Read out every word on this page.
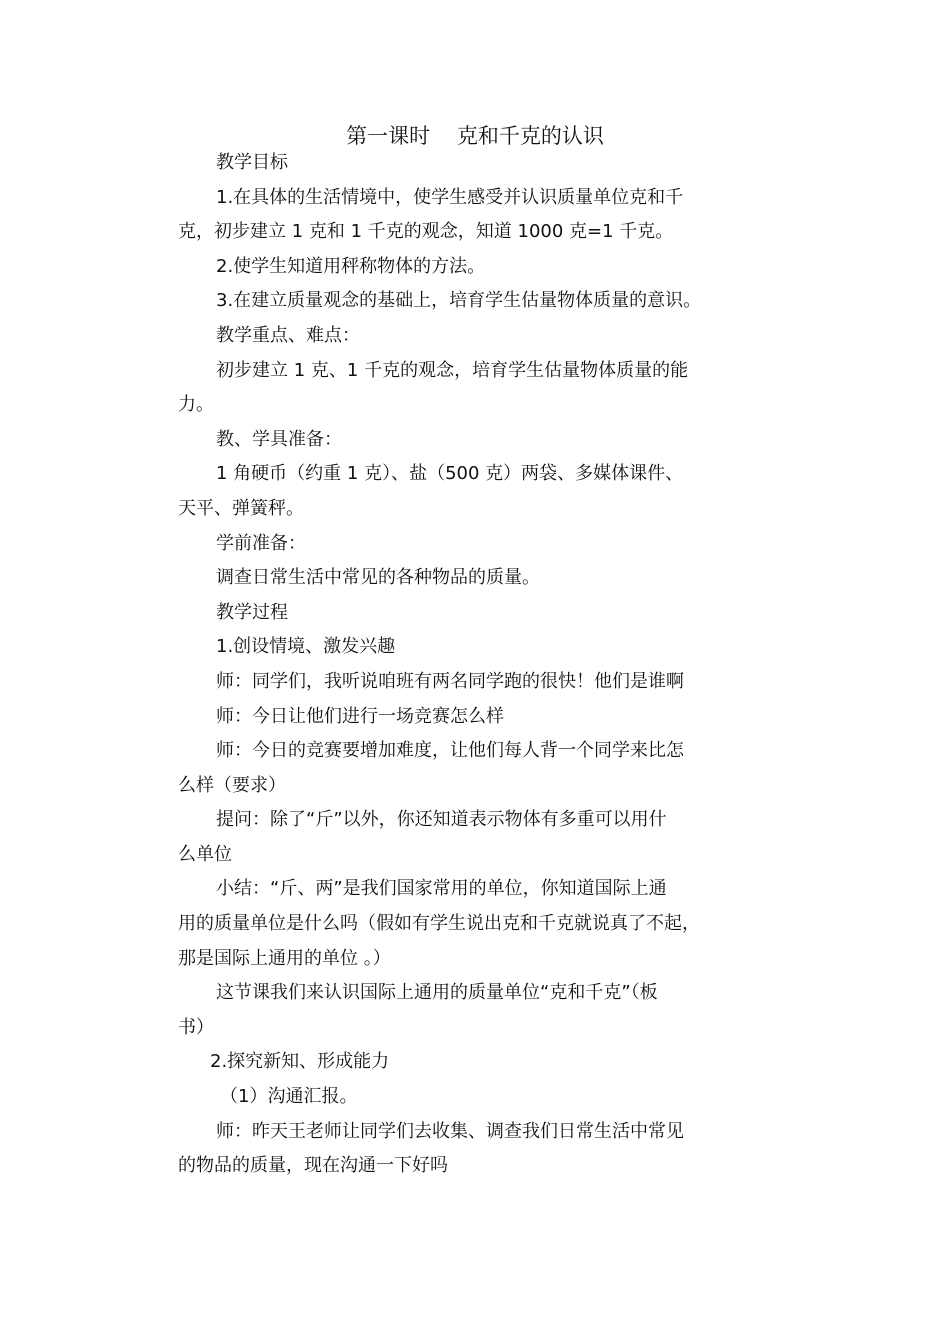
第一课时    克和千克的认识

教学目标

1.在具体的生活情境中，使学生感受并认识质量单位克和千
克，初步建立 1 克和 1 千克的观念，知道 1000 克=1 千克。

2.使学生知道用秤称物体的方法。

3.在建立质量观念的基础上，培育学生估量物体质量的意识。

教学重点、难点：

初步建立 1 克、1 千克的观念，培育学生估量物体质量的能
力。

教、学具准备：

1 角硬币（约重 1 克）、盐（500 克）两袋、多媒体课件、
天平、弹簧秤。

学前准备：

调查日常生活中常见的各种物品的质量。

教学过程

1.创设情境、激发兴趣

师：同学们，我听说咱班有两名同学跑的很快！他们是谁啊

师：今日让他们进行一场竞赛怎么样

师：今日的竞赛要增加难度，让他们每人背一个同学来比怎
么样（要求）

提问：除了“斤”以外，你还知道表示物体有多重可以用什
么单位

小结：“斤、两”是我们国家常用的单位，你知道国际上通
用的质量单位是什么吗（假如有学生说出克和千克就说真了不起，
那是国际上通用的单位 。）

这节课我们来认识国际上通用的质量单位“克和千克”（板
书）

2.探究新知、形成能力

（1）沟通汇报。

师：昨天王老师让同学们去收集、调查我们日常生活中常见
的物品的质量，现在沟通一下好吗
